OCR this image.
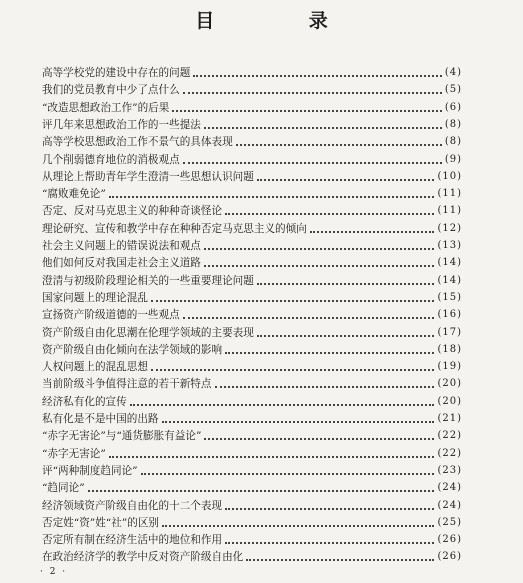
目 录
高等学校党的建设中存在的问题	(4)
我们的党员教育中少了点什么	(5)
“改造思想政治工作”的后果	(6)
评几年来思想政治工作的一些提法	(8)
高等学校思想政治工作不景气的具体表现	(8)
几个削弱德育地位的消极观点	(9)
从理论上帮助青年学生澄清一些思想认识问题	(10)
“腐败难免论”	(11)
否定、反对马克思主义的种种奇谈怪论	(11)
理论研究、宣传和教学中存在种种否定马克思主义的倾向	(12)
社会主义问题上的错误说法和观点	(13)
他们如何反对我国走社会主义道路	(14)
澄清与初级阶段理论相关的一些重要理论问题	(14)
国家问题上的理论混乱	(15)
宣扬资产阶级道德的一些观点	(16)
资产阶级自由化思潮在伦理学领域的主要表现	(17)
资产阶级自由化倾向在法学领域的影响	(18)
人权问题上的混乱思想	(19)
当前阶级斗争值得注意的若干新特点	(20)
经济私有化的宣传	(20)
私有化是不是中国的出路	(21)
“赤字无害论”与“通货膨胀有益论”	(22)
“赤字无害论”	(22)
评“两种制度趋同论”	(23)
“趋同论”	(24)
经济领域资产阶级自由化的十二个表现	(24)
否定姓“资”姓“社”的区别	(25)
否定所有制在经济生活中的地位和作用	(26)
在政治经济学的教学中反对资产阶级自由化	(26)
· 2 ·
